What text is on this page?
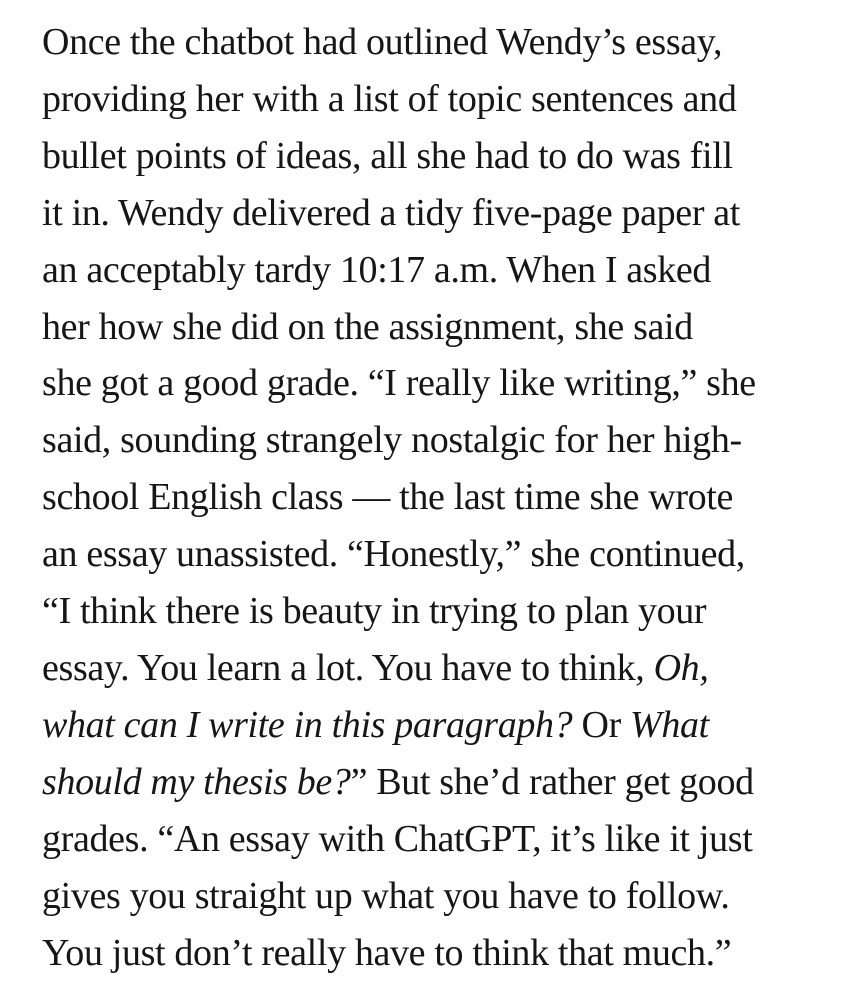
Once the chatbot had outlined Wendy’s essay,
providing her with a list of topic sentences and
bullet points of ideas, all she had to do was fill
it in. Wendy delivered a tidy five-page paper at
an acceptably tardy 10:17 a.m. When I asked
her how she did on the assignment, she said
she got a good grade. “I really like writing,” she
said, sounding strangely nostalgic for her high-
school English class — the last time she wrote
an essay unassisted. “Honestly,” she continued,
“I think there is beauty in trying to plan your
essay. You learn a lot. You have to think, Oh,
what can I write in this paragraph? Or What
should my thesis be?” But she’d rather get good
grades. “An essay with ChatGPT, it’s like it just
gives you straight up what you have to follow.
You just don’t really have to think that much.”
